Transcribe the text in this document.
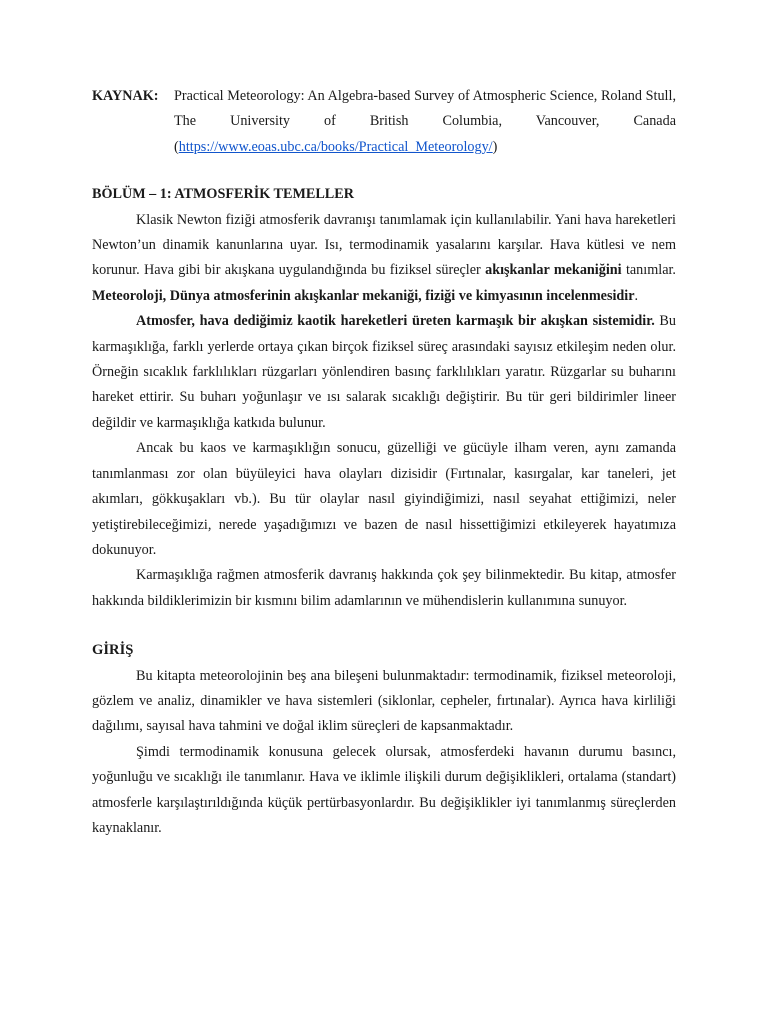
KAYNAK:	Practical Meteorology: An Algebra-based Survey of Atmospheric Science, Roland Stull, The University of British Columbia, Vancouver, Canada (https://www.eoas.ubc.ca/books/Practical_Meteorology/)
BÖLÜM – 1: ATMOSFERİK TEMELLER

Klasik Newton fiziği atmosferik davranışı tanımlamak için kullanılabilir. Yani hava hareketleri Newton’un dinamik kanunlarına uyar. Isı, termodinamik yasalarını karşılar. Hava kütlesi ve nem korunur. Hava gibi bir akışkana uygulandığında bu fiziksel süreçler akışkanlar mekaniğini tanımlar. Meteoroloji, Dünya atmosferinin akışkanlar mekaniği, fiziği ve kimyasının incelenmesidir.

Atmosfer, hava dediğimiz kaotik hareketleri üreten karmaşık bir akışkan sistemidir. Bu karmaşıklığa, farklı yerlerde ortaya çıkan birçok fiziksel süreç arasındaki sayısız etkileşim neden olur. Örneğin sıcaklık farklılıkları rüzgarları yönlendiren basınç farklılıkları yaratır. Rüzgarlar su buharını hareket ettirir. Su buharı yoğunlaşır ve ısı salarak sıcaklığı değiştirir. Bu tür geri bildirimler lineer değildir ve karmaşıklığa katkıda bulunur.

Ancak bu kaos ve karmaşıklığın sonucu, güzelliği ve gücüyle ilham veren, aynı zamanda tanımlanması zor olan büyüleyici hava olayları dizisidir (Fırtınalar, kasırgalar, kar taneleri, jet akımları, gökkuşakları vb.). Bu tür olaylar nasıl giyindiğimizi, nasıl seyahat ettiğimizi, neler yetiştirebileceğimizi, nerede yaşadığımızı ve bazen de nasıl hissettiğimizi etkileyerek hayatımıza dokunuyor.

Karmaşıklığa rağmen atmosferik davranış hakkında çok şey bilinmektedir. Bu kitap, atmosfer hakkında bildiklerimizin bir kısmını bilim adamlarının ve mühendislerin kullanımına sunuyor.

GİRİŞ

Bu kitapta meteorolojinin beş ana bileşeni bulunmaktadır: termodinamik, fiziksel meteoroloji, gözlem ve analiz, dinamikler ve hava sistemleri (siklonlar, cepheler, fırtınalar). Ayrıca hava kirliliği dağılımı, sayısal hava tahmini ve doğal iklim süreçleri de kapsanmaktadır.

Şimdi termodinamik konusuna gelecek olursak, atmosferdeki havanın durumu basıncı, yoğunluğu ve sıcaklığı ile tanımlanır. Hava ve iklimle ilişkili durum değişiklikleri, ortalama (standart) atmosferle karşılaştırıldığında küçük pertürbasyonlardır. Bu değişiklikler iyi tanımlanmış süreçlerden kaynaklanır.
